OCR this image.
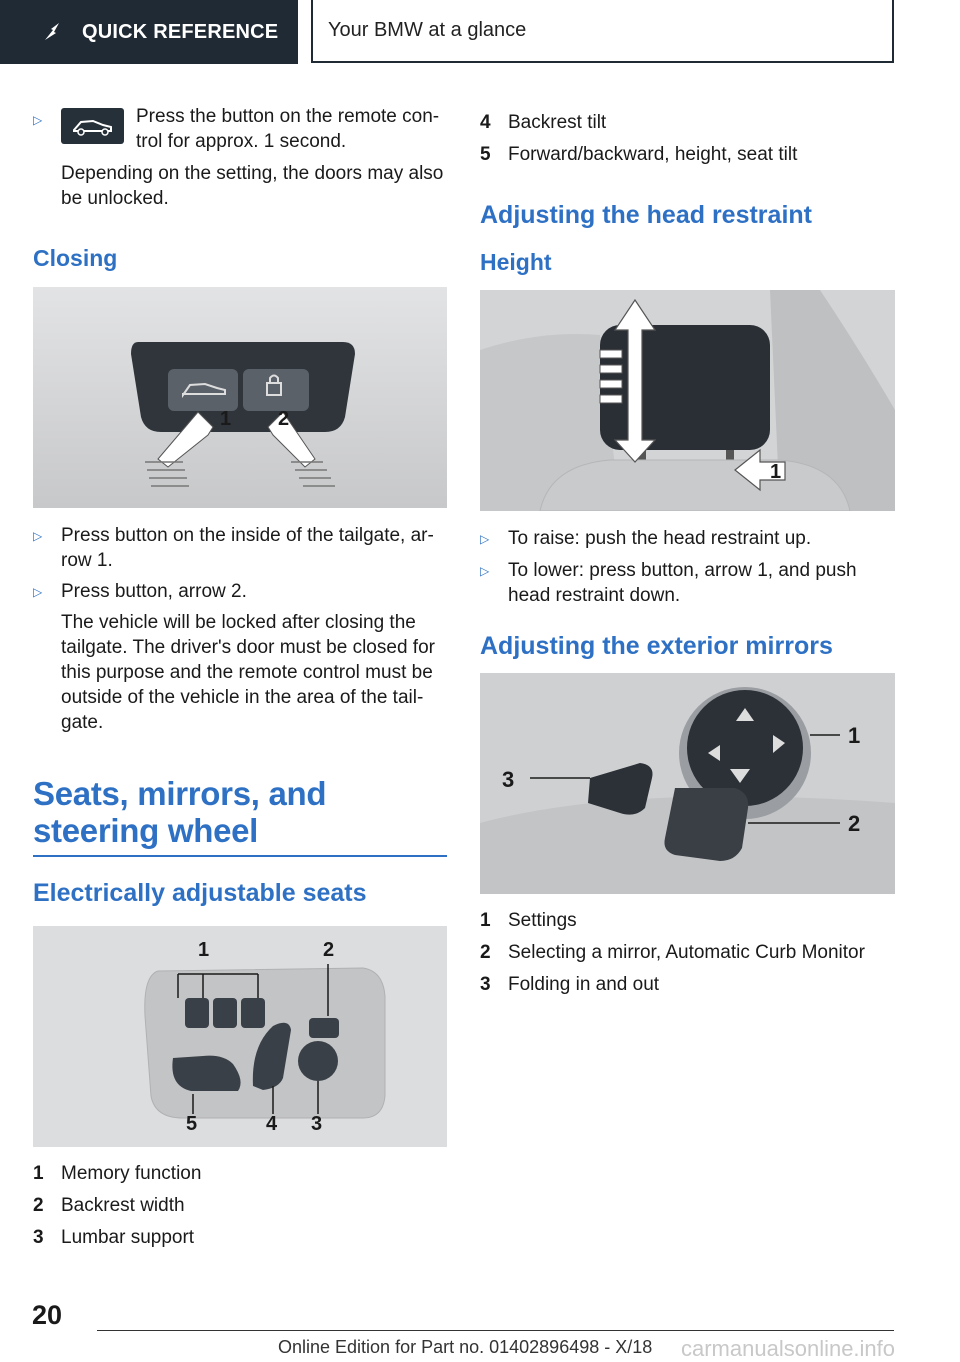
QUICK REFERENCE Your BMW at a glance
▷	Press the button on the remote con-trol for approx. 1 second.

Depending on the setting, the doors may also be unlocked.

Closing
1 2
▷ Press button on the inside of the tailgate, ar-row 1.
▷ Press button, arrow 2.

The vehicle will be locked after closing the tailgate. The driver's door must be closed for this purpose and the remote control must be outside of the vehicle in the area of the tail-gate.

Seats, mirrors, and steering wheel
Electrically adjustable seats
1	2
5	4 3
1 Memory function
2 Backrest width
3 Lumbar support
4 Backrest tilt
5 Forward/backward, height, seat tilt
Adjusting the head restraint
Height
1
▷ To raise: push the head restraint up.
▷ To lower: press button, arrow 1, and push head restraint down.
Adjusting the exterior mirrors
1
2
3
1 Settings
2 Selecting a mirror, Automatic Curb Monitor
3 Folding in and out
20
Online Edition for Part no. 01402896498 - X/18 carmanualsonline.info
